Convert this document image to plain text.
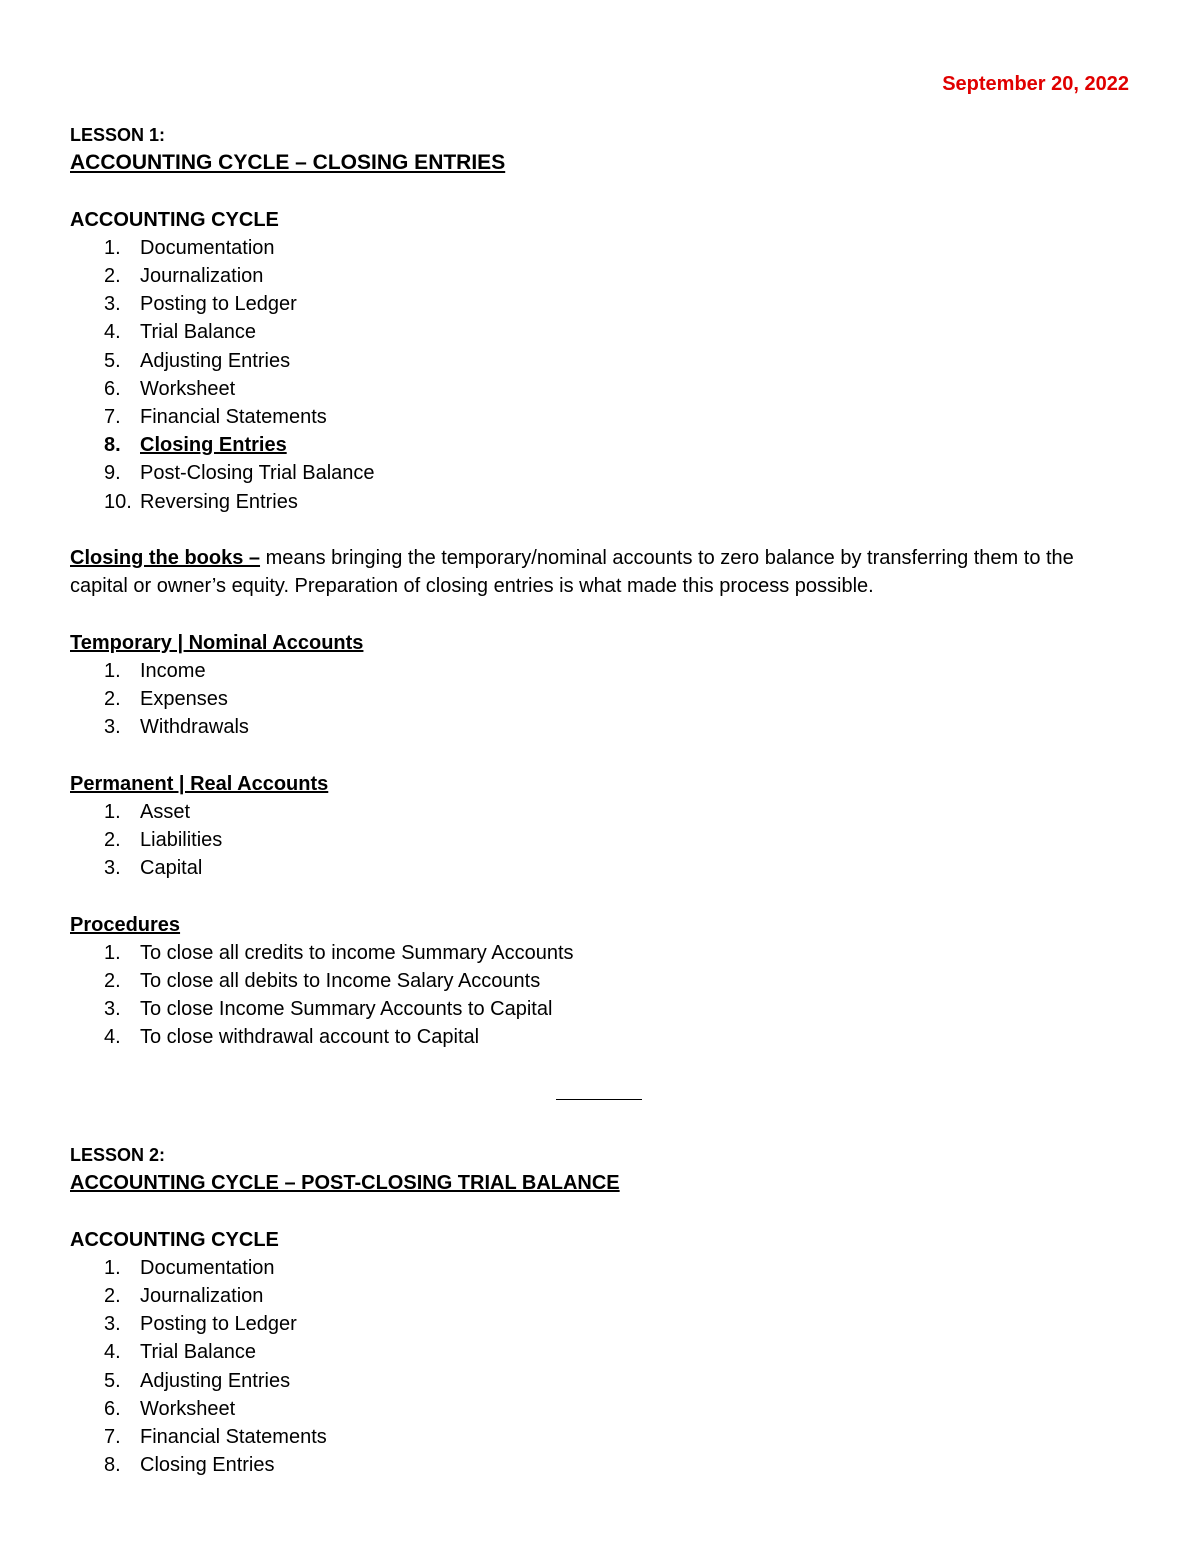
September 20, 2022
LESSON 1:
ACCOUNTING CYCLE – CLOSING ENTRIES
ACCOUNTING CYCLE
1. Documentation
2. Journalization
3. Posting to Ledger
4. Trial Balance
5. Adjusting Entries
6. Worksheet
7. Financial Statements
8. Closing Entries
9. Post-Closing Trial Balance
10. Reversing Entries
Closing the books – means bringing the temporary/nominal accounts to zero balance by transferring them to the capital or owner’s equity. Preparation of closing entries is what made this process possible.
Temporary | Nominal Accounts
1. Income
2. Expenses
3. Withdrawals
Permanent | Real Accounts
1. Asset
2. Liabilities
3. Capital
Procedures
1. To close all credits to income Summary Accounts
2. To close all debits to Income Salary Accounts
3. To close Income Summary Accounts to Capital
4. To close withdrawal account to Capital
LESSON 2:
ACCOUNTING CYCLE – POST-CLOSING TRIAL BALANCE
ACCOUNTING CYCLE
1. Documentation
2. Journalization
3. Posting to Ledger
4. Trial Balance
5. Adjusting Entries
6. Worksheet
7. Financial Statements
8. Closing Entries
